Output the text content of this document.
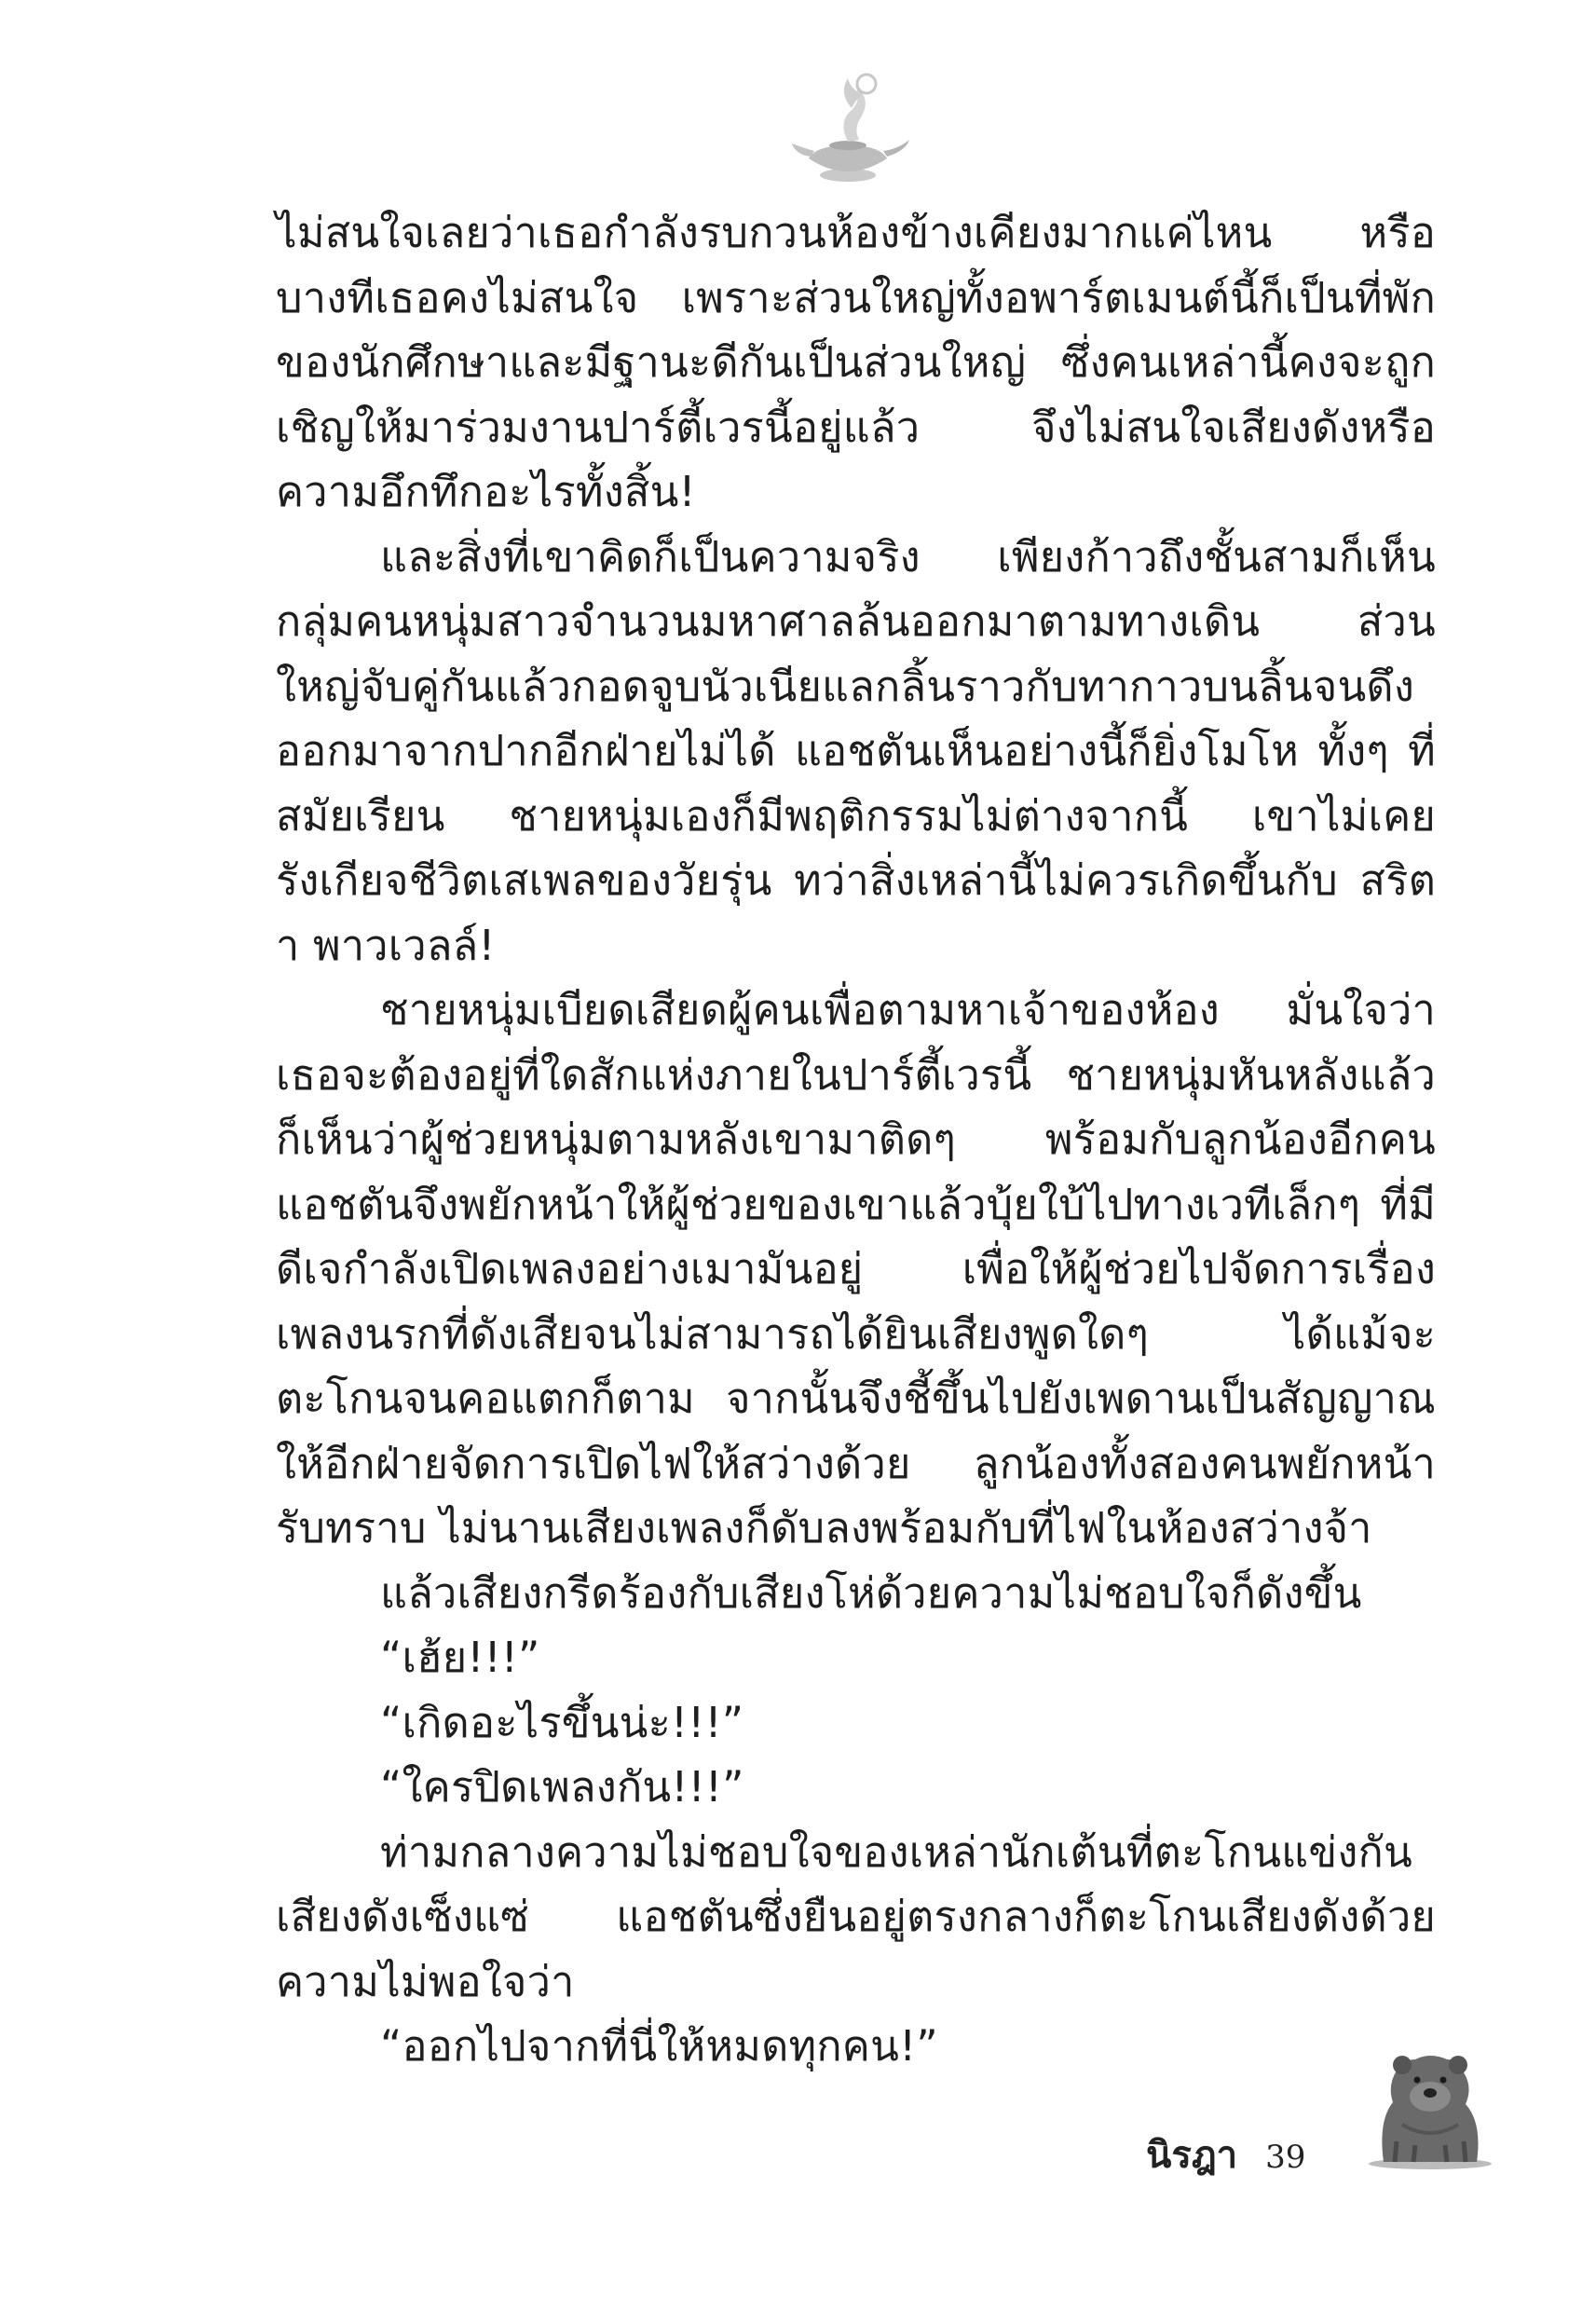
ไม่สนใจเลยว่าเธอกำลังรบกวนห้องข้างเคียงมากแค่ไหน หรือบางทีเธอคงไม่สนใจ เพราะส่วนใหญ่ทั้งอพาร์ตเมนต์นี้ก็เป็นที่พักของนักศึกษาและมีฐานะดีกันเป็นส่วนใหญ่ ซึ่งคนเหล่านี้คงจะถูกเชิญให้มาร่วมงานปาร์ตี้เวรนี้อยู่แล้ว จึงไม่สนใจเสียงดังหรือความอึกทึกอะไรทั้งสิ้น!

และสิ่งที่เขาคิดก็เป็นความจริง เพียงก้าวถึงชั้นสามก็เห็นกลุ่มคนหนุ่มสาวจำนวนมหาศาลล้นออกมาตามทางเดิน ส่วนใหญ่จับคู่กันแล้วกอดจูบนัวเนียแลกลิ้นราวกับทากาวบนลิ้นจนดึงออกมาจากปากอีกฝ่ายไม่ได้ แอชตันเห็นอย่างนี้ก็ยิ่งโมโห ทั้งๆ ที่สมัยเรียน ชายหนุ่มเองก็มีพฤติกรรมไม่ต่างจากนี้ เขาไม่เคยรังเกียจชีวิตเสเพลของวัยรุ่น ทว่าสิ่งเหล่านี้ไม่ควรเกิดขึ้นกับ สริตา พาวเวลล์!

ชายหนุ่มเบียดเสียดผู้คนเพื่อตามหาเจ้าของห้อง มั่นใจว่าเธอจะต้องอยู่ที่ใดสักแห่งภายในปาร์ตี้เวรนี้ ชายหนุ่มหันหลังแล้วก็เห็นว่าผู้ช่วยหนุ่มตามหลังเขามาติดๆ พร้อมกับลูกน้องอีกคน แอชตันจึงพยักหน้าให้ผู้ช่วยของเขาแล้วบุ้ยใบ้ไปทางเวทีเล็กๆ ที่มีดีเจกำลังเปิดเพลงอย่างเมามันอยู่ เพื่อให้ผู้ช่วยไปจัดการเรื่องเพลงนรกที่ดังเสียจนไม่สามารถได้ยินเสียงพูดใดๆ ได้แม้จะตะโกนจนคอแตกก็ตาม จากนั้นจึงชี้ขึ้นไปยังเพดานเป็นสัญญาณให้อีกฝ่ายจัดการเปิดไฟให้สว่างด้วย ลูกน้องทั้งสองคนพยักหน้ารับทราบ ไม่นานเสียงเพลงก็ดับลงพร้อมกับที่ไฟในห้องสว่างจ้า

แล้วเสียงกรีดร้องกับเสียงโห่ด้วยความไม่ชอบใจก็ดังขึ้น

“เฮ้ย!!!”

“เกิดอะไรขึ้นน่ะ!!!”

“ใครปิดเพลงกัน!!!”

ท่ามกลางความไม่ชอบใจของเหล่านักเต้นที่ตะโกนแข่งกันเสียงดังเซ็งแซ่ แอชตันซึ่งยืนอยู่ตรงกลางก็ตะโกนเสียงดังด้วยความไม่พอใจว่า

“ออกไปจากที่นี่ให้หมดทุกคน!”

นิรฎา 39
